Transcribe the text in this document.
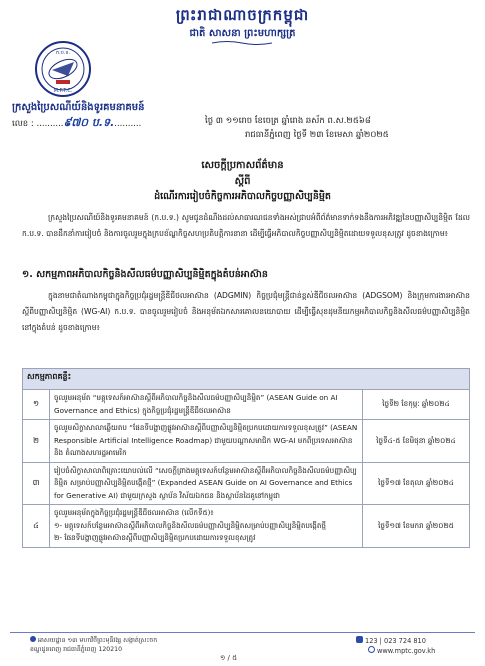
ព្រះរាជាណាចក្រកម្ពុជា
ជាតិ សាសនា ព្រះមហាក្សត្រ
ក.ប.ទ.
M.P.T.C.
ក្រសួងប្រៃសណីយ៍និងទូរគមនាគមន៍
លេខ : ..........៩៧០ ប.ទ...........	ថ្ងៃ ៣ ១១រោច ខែចេត្រ ឆ្នាំរោង ឆស័ក ព.ស.២៥៦៨
រាជធានីភ្នំពេញ ថ្ងៃទី ២៣ ខែមេសា ឆ្នាំ២០២៥
សេចក្តីប្រកាសព័ត៌មាន
ស្តីពី
ដំណើរការរៀបចំកិច្ចការអភិបាលកិច្ចបញ្ញាសិប្បនិម្មិត
ក្រសួងប្រៃសណីយ៍និងទូរគមនាគមន៍ (ក.ប.ទ.) សូមជូនដំណឹងដល់សាធារណជនទាំងអស់ជ្រាបអំពីព័ត៌មានទាក់ទងនឹងការអភិវឌ្ឍនៃបញ្ញាសិប្បនិម្មិត ដែល ក.ប.ទ. បានដឹកនាំការរៀបចំ និងការចូលរួមក្នុងក្របខ័ណ្ឌកិច្ចសហប្រតិបត្តិការនានា ដើម្បីធ្វើអភិបាលកិច្ចបញ្ញាសិប្បនិម្មិតដោយទទួលខុសត្រូវ ដូចខាងក្រោម៖
១. សកម្មភាពអភិបាលកិច្ចនិងសីលធម៌បញ្ញាសិប្បនិម្មិតក្នុងតំបន់អាស៊ាន
ក្នុងនាមជាតំណាងកម្ពុជាក្នុងកិច្ចប្រជុំរដ្ឋមន្ត្រីឌីជីថលអាស៊ាន (ADGMIN) កិច្ចប្រជុំមន្ត្រីជាន់ខ្ពស់ឌីជីថលអាស៊ាន (ADGSOM) និងក្រុមការងារអាស៊ានស្តីពីបញ្ញាសិប្បនិម្មិត (WG-AI) ក.ប.ទ. បានចូលរួមរៀបចំ និងអនុម័តឯកសារគោលនយោបាយ ដើម្បីធ្វើសុខដុមនីយកម្មអភិបាលកិច្ចនិងសីលធម៌បញ្ញាសិប្បនិម្មិតនៅក្នុងតំបន់ ដូចខាងក្រោម៖
សកម្មភាពគន្លឹះ		
១	ចូលរួមអនុម័ត “មគ្គុទេសក៍អាស៊ានស្តីពីអភិបាលកិច្ចនិងសីលធម៌បញ្ញាសិប្បនិម្មិត” (ASEAN Guide on AI Governance and Ethics) ក្នុងកិច្ចប្រជុំរដ្ឋមន្ត្រីឌីជីថលអាស៊ាន	ថ្ងៃទី២ ខែកុម្ភៈ ឆ្នាំ២០២៤
២	ចូលរួមសិក្ខាសាលាឆ្លើយតប “ផែនទីបង្ហាញផ្លូវអាស៊ានស្តីពីបញ្ញាសិប្បនិម្មិតប្រកបដោយការទទួលខុសត្រូវ” (ASEAN Responsible Artificial Intelligence Roadmap) ជាមួយបណ្តាសមាជិក WG-AI មកពីប្រទេសអាស៊ាន និង តំណាងសហរដ្ឋអាមេរិក	ថ្ងៃទី៤-៥ ខែមិថុនា ឆ្នាំ២០២៤
៣	រៀបចំសិក្ខាសាលាពិគ្រោះយោបល់លើ “សេចក្តីព្រាងមគ្គុទេសក៍បន្ថែមអាស៊ានស្តីពីអភិបាលកិច្ចនិងសីលធម៌បញ្ញាសិប្បនិម្មិត សម្រាប់បញ្ញាសិប្បនិម្មិតបង្កើតថ្មី” (Expanded ASEAN Guide on AI Governance and Ethics for Generative AI) ជាមួយក្រសួង ស្ថាប័ន វិស័យឯកជន និងស្ថាប័នដៃគូនៅកម្ពុជា	ថ្ងៃទី១៧ ខែតុលា ឆ្នាំ២០២៤
៤	ចូលរួមអនុម័តក្នុងកិច្ចប្រជុំរដ្ឋមន្ត្រីឌីជីថលអាស៊ាន (លើកទី៥)៖
១- មគ្គុទេសក៍បន្ថែមអាស៊ានស្តីពីអភិបាលកិច្ចនិងសីលធម៌បញ្ញាសិប្បនិម្មិតសម្រាប់បញ្ញាសិប្បនិម្មិតបង្កើតថ្មី
២- ផែនទីបង្ហាញផ្លូវអាស៊ានស្តីពីបញ្ញាសិប្បនិម្មិតប្រកបដោយការទទួលខុសត្រូវ	ថ្ងៃទី១៧ ខែមករា ឆ្នាំ២០២៥
អាសយដ្ឋាន ១៣ មហាវិថីព្រះមុនីវង្ស សង្កាត់ស្រះចក
ខណ្ឌដូនពេញ រាជធានីភ្នំពេញ 120210
123 | 023 724 810
www.mptc.gov.kh
១ / ៥
